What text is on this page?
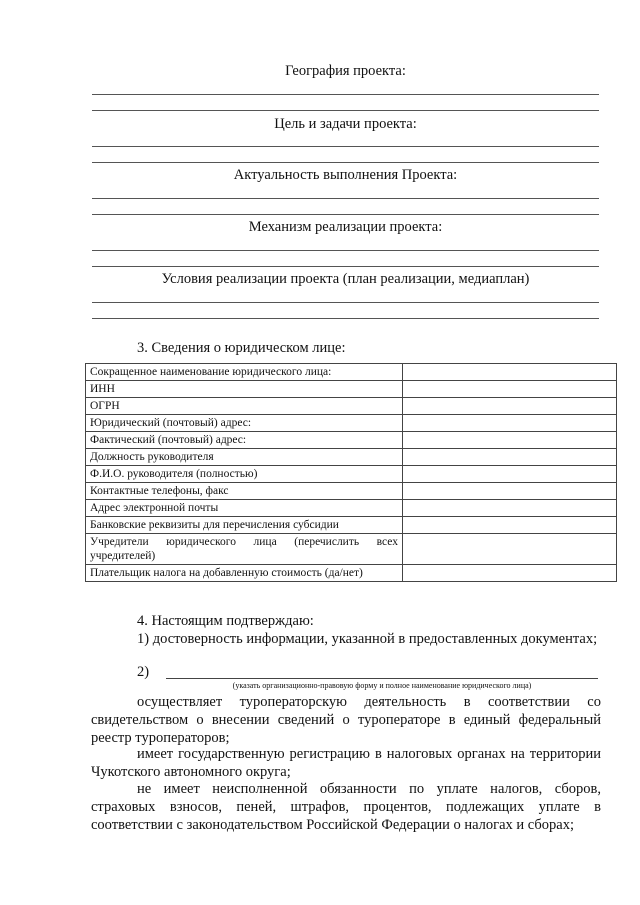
География проекта:
Цель и задачи проекта:
Актуальность выполнения Проекта:
Механизм реализации проекта:
Условия реализации проекта (план реализации, медиаплан)
3. Сведения о юридическом лице:
Сокращенное наименование юридического лица:	
ИНН	
ОГРН	
Юридический (почтовый) адрес:	
Фактический (почтовый) адрес:	
Должность руководителя	
Ф.И.О. руководителя (полностью)	
Контактные телефоны, факс	
Адрес электронной почты	
Банковские реквизиты для перечисления субсидии	
Учредители юридического лица (перечислить всех учредителей)	
Плательщик налога на добавленную стоимость (да/нет)	
4. Настоящим подтверждаю:
1) достоверность информации, указанной в предоставленных документах;
2)
(указать организационно-правовую форму и полное наименование юридического лица)
осуществляет туроператорскую деятельность в соответствии со свидетельством о внесении сведений о туроператоре в единый федеральный реестр туроператоров;
имеет государственную регистрацию в налоговых органах на территории Чукотского автономного округа;
не имеет неисполненной обязанности по уплате налогов, сборов, страховых взносов, пеней, штрафов, процентов, подлежащих уплате в соответствии с законодательством Российской Федерации о налогах и сборах;
